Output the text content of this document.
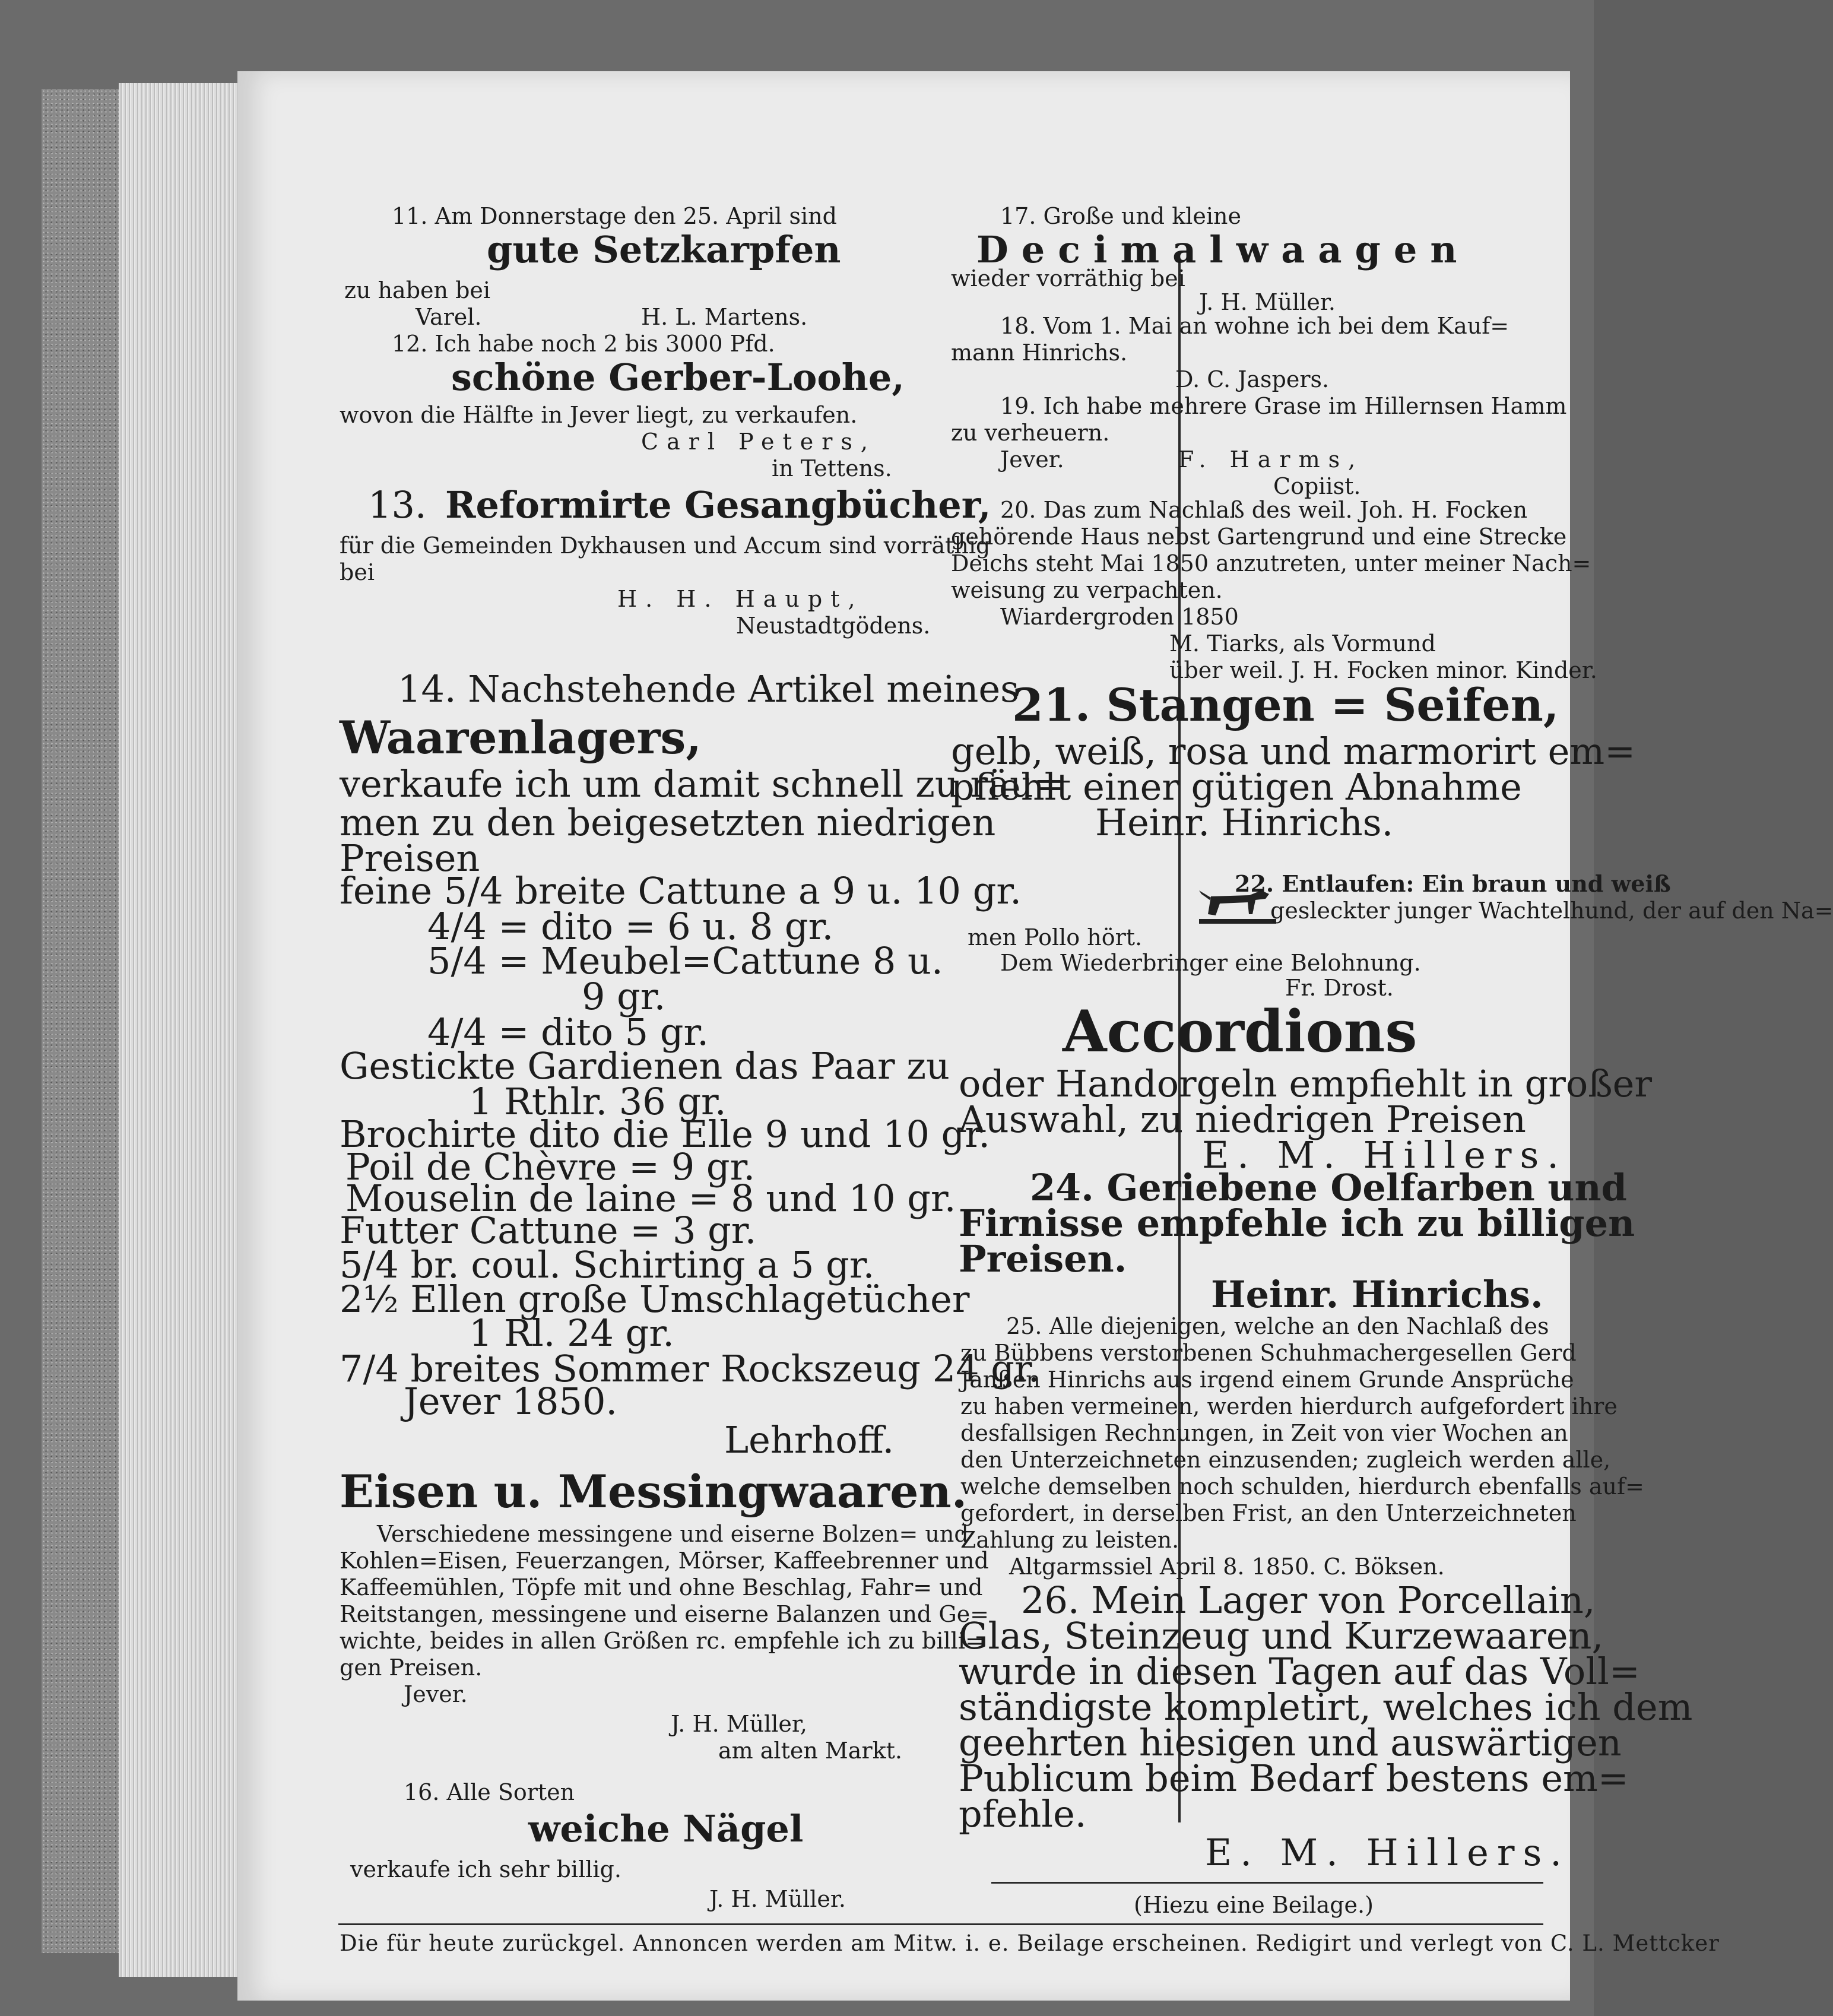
11. Am Donnerstage den 25. April sind
gute Setzkarpfen
zu haben bei
Varel.	H. L. Martens.
12. Ich habe noch 2 bis 3000 Pfd.
schöne Gerber-Loohe,
wovon die Hälfte in Jever liegt, zu verkaufen.
Carl Peters,
in Tettens.
13. Reformirte Gesangbücher,
für die Gemeinden Dykhausen und Accum sind vorräthig
bei
H. H. Haupt,
Neustadtgödens.
14. Nachstehende Artikel meines
Waarenlagers,
verkaufe ich um damit schnell zu räu=
men zu den beigesetzten niedrigen
Preisen
feine 5/4 breite Cattune a 9 u. 10 gr.
4/4 = dito = 6 u. 8 gr.
5/4 = Meubel=Cattune 8 u.
9 gr.
4/4 = dito 5 gr.
Gestickte Gardienen das Paar zu
1 Rthlr. 36 gr.
Brochirte dito die Elle 9 und 10 gr.
Poil de Chèvre = 9 gr.
Mouselin de laine = 8 und 10 gr.
Futter Cattune = 3 gr.
5/4 br. coul. Schirting a 5 gr.
2½ Ellen große Umschlagetücher
1 Rl. 24 gr.
7/4 breites Sommer Rockszeug 24 gr.
Jever 1850.
Lehrhoff.
Eisen u. Messingwaaren.
Verschiedene messingene und eiserne Bolzen= und
Kohlen=Eisen, Feuerzangen, Mörser, Kaffeebrenner und
Kaffeemühlen, Töpfe mit und ohne Beschlag, Fahr= und
Reitstangen, messingene und eiserne Balanzen und Ge=
wichte, beides in allen Größen rc. empfehle ich zu billi=
gen Preisen.
Jever.
J. H. Müller,
am alten Markt.
16. Alle Sorten
weiche Nägel
verkaufe ich sehr billig.
J. H. Müller.
17. Große und kleine
Decimalwaagen
wieder vorräthig bei
J. H. Müller.
18. Vom 1. Mai an wohne ich bei dem Kauf=
mann Hinrichs.
D. C. Jaspers.
19. Ich habe mehrere Grase im Hillernsen Hamm
zu verheuern.
Jever.	F. Harms,
Copiist.
20. Das zum Nachlaß des weil. Joh. H. Focken
gehörende Haus nebst Gartengrund und eine Strecke
Deichs steht Mai 1850 anzutreten, unter meiner Nach=
weisung zu verpachten.
Wiardergroden 1850
M. Tiarks, als Vormund
über weil. J. H. Focken minor. Kinder.
21. Stangen = Seifen,
gelb, weiß, rosa und marmorirt em=
pfiehlt einer gütigen Abnahme
Heinr. Hinrichs.
22. Entlaufen: Ein braun und weiß
gesleckter junger Wachtelhund, der auf den Na=
men Pollo hört.
Dem Wiederbringer eine Belohnung.
Fr. Drost.
Accordions
oder Handorgeln empfiehlt in großer
Auswahl, zu niedrigen Preisen
E. M. Hillers.
24. Geriebene Oelfarben und
Firnisse empfehle ich zu billigen
Preisen.
Heinr. Hinrichs.
25. Alle diejenigen, welche an den Nachlaß des
zu Bübbens verstorbenen Schuhmachergesellen Gerd
Janßen Hinrichs aus irgend einem Grunde Ansprüche
zu haben vermeinen, werden hierdurch aufgefordert ihre
desfallsigen Rechnungen, in Zeit von vier Wochen an
den Unterzeichneten einzusenden; zugleich werden alle,
welche demselben noch schulden, hierdurch ebenfalls auf=
gefordert, in derselben Frist, an den Unterzeichneten
Zahlung zu leisten.
Altgarmssiel April 8. 1850. C. Böksen.
26. Mein Lager von Porcellain,
Glas, Steinzeug und Kurzewaaren,
wurde in diesen Tagen auf das Voll=
ständigste kompletirt, welches ich dem
geehrten hiesigen und auswärtigen
Publicum beim Bedarf bestens em=
pfehle.
E. M. Hillers.
(Hiezu eine Beilage.)
Die für heute zurückgel. Annoncen werden am Mitw. i. e. Beilage erscheinen. Redigirt und verlegt von C. L. Mettcker
